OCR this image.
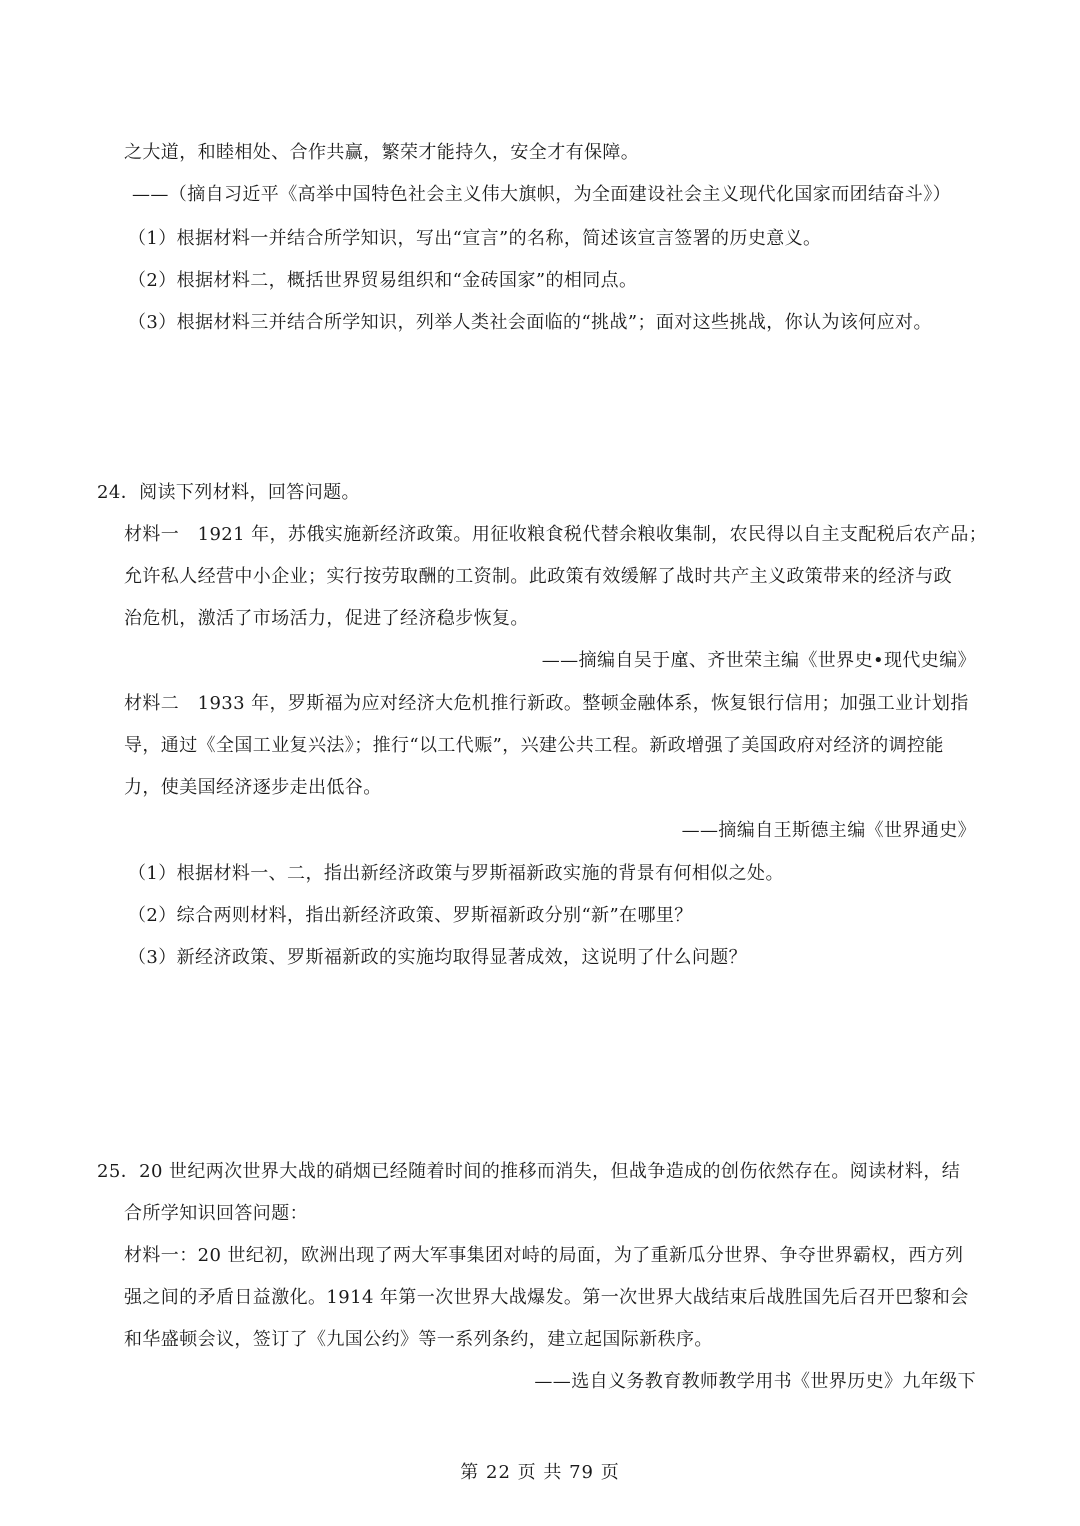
之大道，和睦相处、合作共赢，繁荣才能持久，安全才有保障。
——（摘自习近平《高举中国特色社会主义伟大旗帜，为全面建设社会主义现代化国家而团结奋斗》）
（1）根据材料一并结合所学知识，写出“宣言”的名称，简述该宣言签署的历史意义。
（2）根据材料二，概括世界贸易组织和“金砖国家”的相同点。
（3）根据材料三并结合所学知识，列举人类社会面临的“挑战”；面对这些挑战，你认为该何应对。
24．阅读下列材料，回答问题。
材料一　1921 年，苏俄实施新经济政策。用征收粮食税代替余粮收集制，农民得以自主支配税后农产品；
允许私人经营中小企业；实行按劳取酬的工资制。此政策有效缓解了战时共产主义政策带来的经济与政
治危机，激活了市场活力，促进了经济稳步恢复。
——摘编自吴于廑、齐世荣主编《世界史•现代史编》
材料二　1933 年，罗斯福为应对经济大危机推行新政。整顿金融体系，恢复银行信用；加强工业计划指
导，通过《全国工业复兴法》；推行“以工代赈”，兴建公共工程。新政增强了美国政府对经济的调控能
力，使美国经济逐步走出低谷。
——摘编自王斯德主编《世界通史》
（1）根据材料一、二，指出新经济政策与罗斯福新政实施的背景有何相似之处。
（2）综合两则材料，指出新经济政策、罗斯福新政分别“新”在哪里？
（3）新经济政策、罗斯福新政的实施均取得显著成效，这说明了什么问题？
25．20 世纪两次世界大战的硝烟已经随着时间的推移而消失，但战争造成的创伤依然存在。阅读材料，结
合所学知识回答问题：
材料一：20 世纪初，欧洲出现了两大军事集团对峙的局面，为了重新瓜分世界、争夺世界霸权，西方列
强之间的矛盾日益激化。1914 年第一次世界大战爆发。第一次世界大战结束后战胜国先后召开巴黎和会
和华盛顿会议，签订了《九国公约》等一系列条约，建立起国际新秩序。
——选自义务教育教师教学用书《世界历史》九年级下
第 22 页 共 79 页
